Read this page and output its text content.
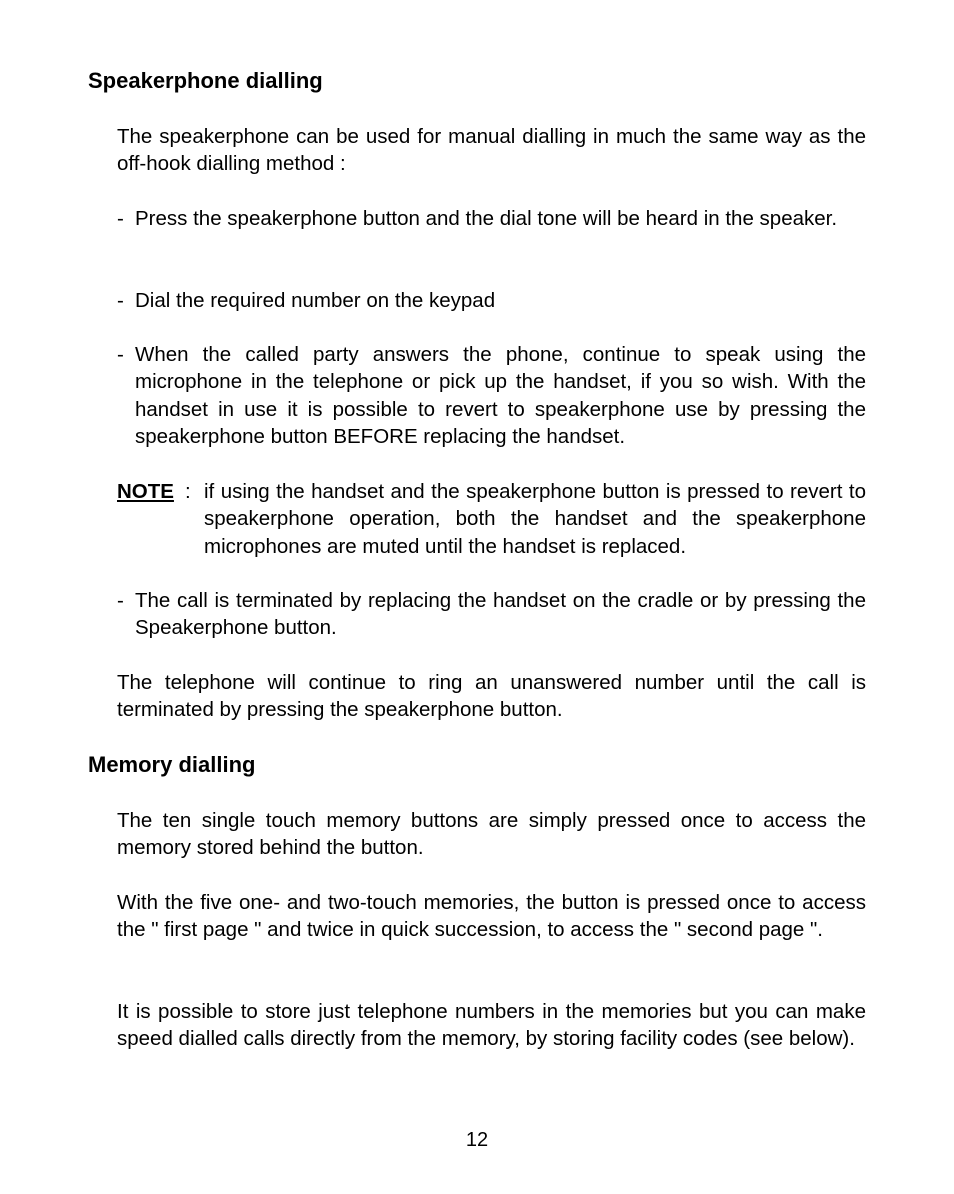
Speakerphone dialling

The speakerphone can be used for manual dialling in much the same way as the off-hook dialling method :

- Press the speakerphone button and the dial tone will be heard in the speaker.
- Dial the required number on the keypad
- When the called party answers the phone, continue to speak using the microphone in the telephone or pick up the handset, if you so wish. With the handset in use it is possible to revert to speakerphone use by pressing the speakerphone button BEFORE replacing the handset.
NOTE : if using the handset and the speakerphone button is pressed to revert to speakerphone operation, both the handset and the speakerphone microphones are muted until the handset is replaced.
- The call is terminated by replacing the handset on the cradle or by pressing the Speakerphone button.

The telephone will continue to ring an unanswered number until the call is terminated by pressing the speakerphone button.

Memory dialling

The ten single touch memory buttons are simply pressed once to access the memory stored behind the button.

With the five one- and two-touch memories, the button is pressed once to access the " first page " and twice in quick succession, to access the " second page ".

It is possible to store just telephone numbers in the memories but you can make speed dialled calls directly from the memory, by storing facility codes (see below).

12
